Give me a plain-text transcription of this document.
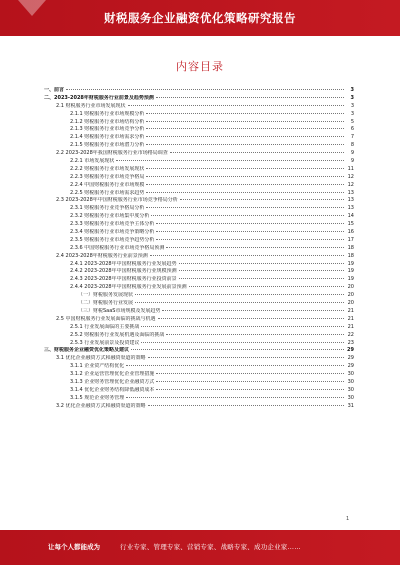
财税服务企业融资优化策略研究报告
内容目录
一、前言	3
二、2023-2028年财税服务行业前景及趋势预测	3
2.1 财税服务行业市场发展现状	3
2.1.1 财税服务行业市场规模分析	3
2.1.2 财税服务行业市场结构分析	5
2.1.3 财税服务行业市场竞争分析	6
2.1.4 财税服务行业市场需求分析	7
2.1.5 财税服务行业市场潜力分析	8
2.2 2023-2028年我国财税服务行业市场格局调查	9
2.2.1 市场发展现状	9
2.2.2 财税服务行业市场发展现状	11
2.2.3 财税服务行业市场竞争格局	12
2.2.4 中国财税服务行业市场规模	12
2.2.5 财税服务行业市场需求趋势	13
2.3 2023-2028年中国财税服务行业市场竞争格局分析	13
2.3.1 财税服务行业竞争格局分析	13
2.3.2 财税服务行业市场集中度分析	14
2.3.3 财税服务行业市场竞争主体分析	15
2.3.4 财税服务行业市场竞争策略分析	16
2.3.5 财税服务行业市场竞争趋势分析	17
2.3.6 中国财税服务行业市场竞争格局预测	18
2.4 2023-2028年财税服务行业前景预测	18
2.4.1 2023-2028年中国财税服务行业发展趋势	19
2.4.2 2023-2028年中国财税服务行业规模预测	19
2.4.3 2023-2028年中国财税服务行业投资前景	19
2.4.4 2023-2028年中国财税服务行业发展前景预测	20
（一）财税服务发展现状	20
（二）财税服务行业发展	20
（三）财税SaaS市场规模及发展趋势	21
2.5 中国财税服务行业发展面临的挑战与机遇	21
2.5.1 行业发展面临的主要挑战	21
2.5.2 财税服务行业发展机遇及面临的挑战	22
2.5.3 行业发展前景及投资建议	23
三、财税服务企业融资优化策略及建议	29
3.1 优化企业融资方式和融资渠道的策略	29
3.1.1 企业资产结构优化	29
3.1.2 企业运营管理优化企业管理措施	30
3.1.3 企业财务管理优化企业融资方式	30
3.1.4 优化企业财务结构降低融资成本	30
3.1.5 规范企业财务管理	30
3.2 优化企业融资方式和融资渠道的策略	31
1
让每个人都能成为	行业专家、管理专家、营销专家、战略专家、成功企业家……
